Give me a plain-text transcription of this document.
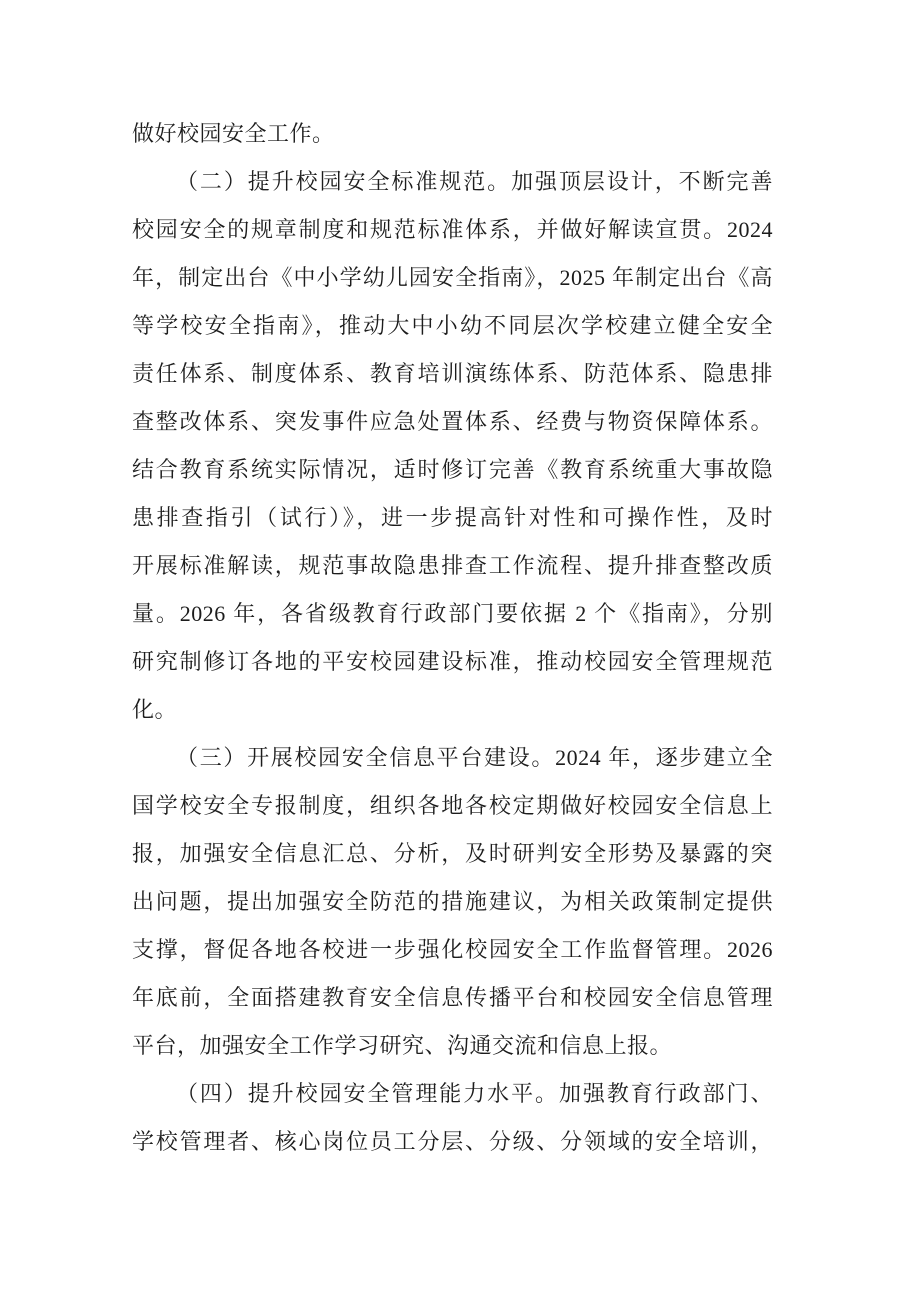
做好校园安全工作。
（二）提升校园安全标准规范。加强顶层设计，不断完善
校园安全的规章制度和规范标准体系，并做好解读宣贯。2024
年，制定出台《中小学幼儿园安全指南》，2025 年制定出台《高
等学校安全指南》，推动大中小幼不同层次学校建立健全安全
责任体系、制度体系、教育培训演练体系、防范体系、隐患排
查整改体系、突发事件应急处置体系、经费与物资保障体系。
结合教育系统实际情况，适时修订完善《教育系统重大事故隐
患排查指引（试行）》，进一步提高针对性和可操作性，及时
开展标准解读，规范事故隐患排查工作流程、提升排查整改质
量。2026 年，各省级教育行政部门要依据 2 个《指南》，分别
研究制修订各地的平安校园建设标准，推动校园安全管理规范
化。
（三）开展校园安全信息平台建设。2024 年，逐步建立全
国学校安全专报制度，组织各地各校定期做好校园安全信息上
报，加强安全信息汇总、分析，及时研判安全形势及暴露的突
出问题，提出加强安全防范的措施建议，为相关政策制定提供
支撑，督促各地各校进一步强化校园安全工作监督管理。2026
年底前，全面搭建教育安全信息传播平台和校园安全信息管理
平台，加强安全工作学习研究、沟通交流和信息上报。
（四）提升校园安全管理能力水平。加强教育行政部门、
学校管理者、核心岗位员工分层、分级、分领域的安全培训，
